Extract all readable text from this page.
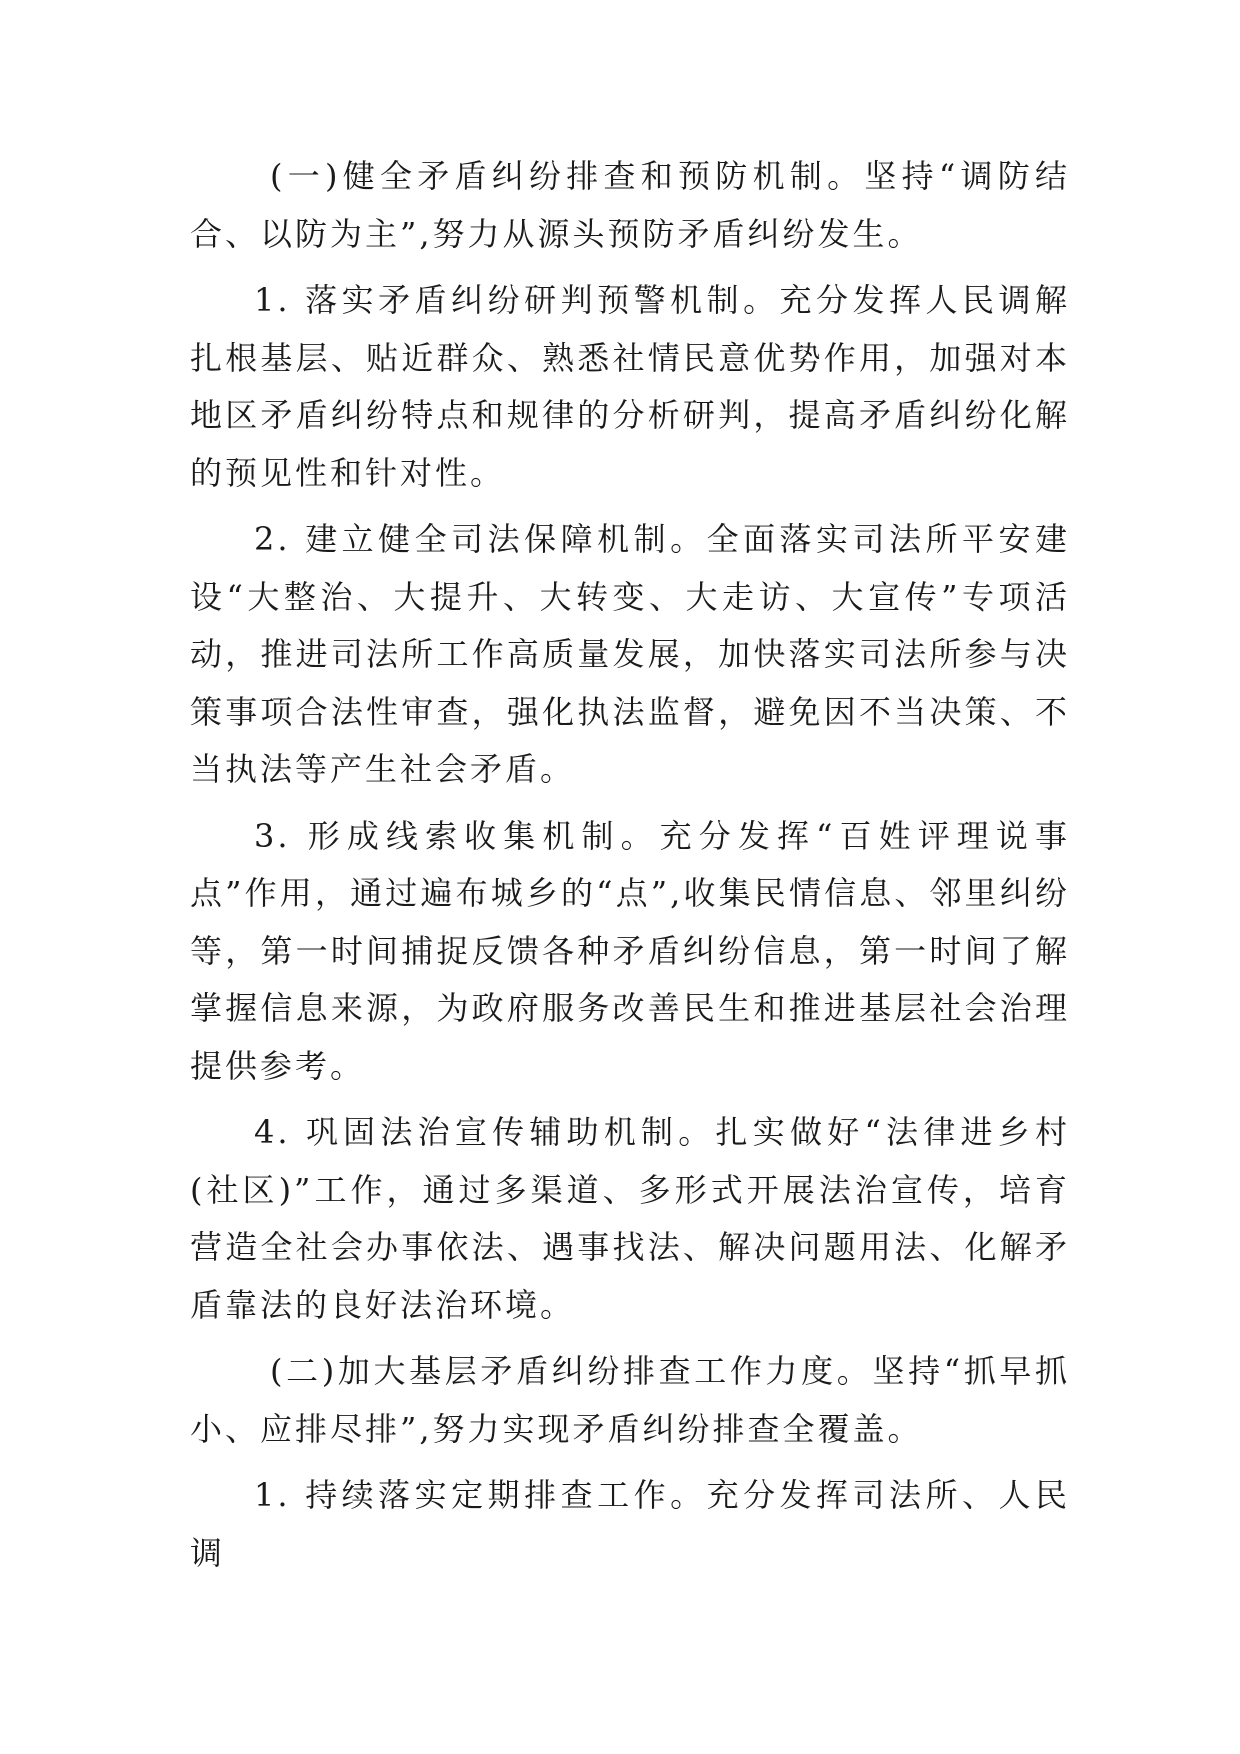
(一)健全矛盾纠纷排查和预防机制。坚持“调防结合、以防为主”,努力从源头预防矛盾纠纷发生。

1. 落实矛盾纠纷研判预警机制。充分发挥人民调解扎根基层、贴近群众、熟悉社情民意优势作用，加强对本地区矛盾纠纷特点和规律的分析研判，提高矛盾纠纷化解的预见性和针对性。

2. 建立健全司法保障机制。全面落实司法所平安建设“大整治、大提升、大转变、大走访、大宣传”专项活动，推进司法所工作高质量发展，加快落实司法所参与决策事项合法性审查，强化执法监督，避免因不当决策、不当执法等产生社会矛盾。

3. 形成线索收集机制。充分发挥“百姓评理说事点”作用，通过遍布城乡的“点”,收集民情信息、邻里纠纷等，第一时间捕捉反馈各种矛盾纠纷信息，第一时间了解掌握信息来源，为政府服务改善民生和推进基层社会治理提供参考。

4. 巩固法治宣传辅助机制。扎实做好“法律进乡村(社区)”工作，通过多渠道、多形式开展法治宣传，培育营造全社会办事依法、遇事找法、解决问题用法、化解矛盾靠法的良好法治环境。

(二)加大基层矛盾纠纷排查工作力度。坚持“抓早抓小、应排尽排”,努力实现矛盾纠纷排查全覆盖。

1. 持续落实定期排查工作。充分发挥司法所、人民调
